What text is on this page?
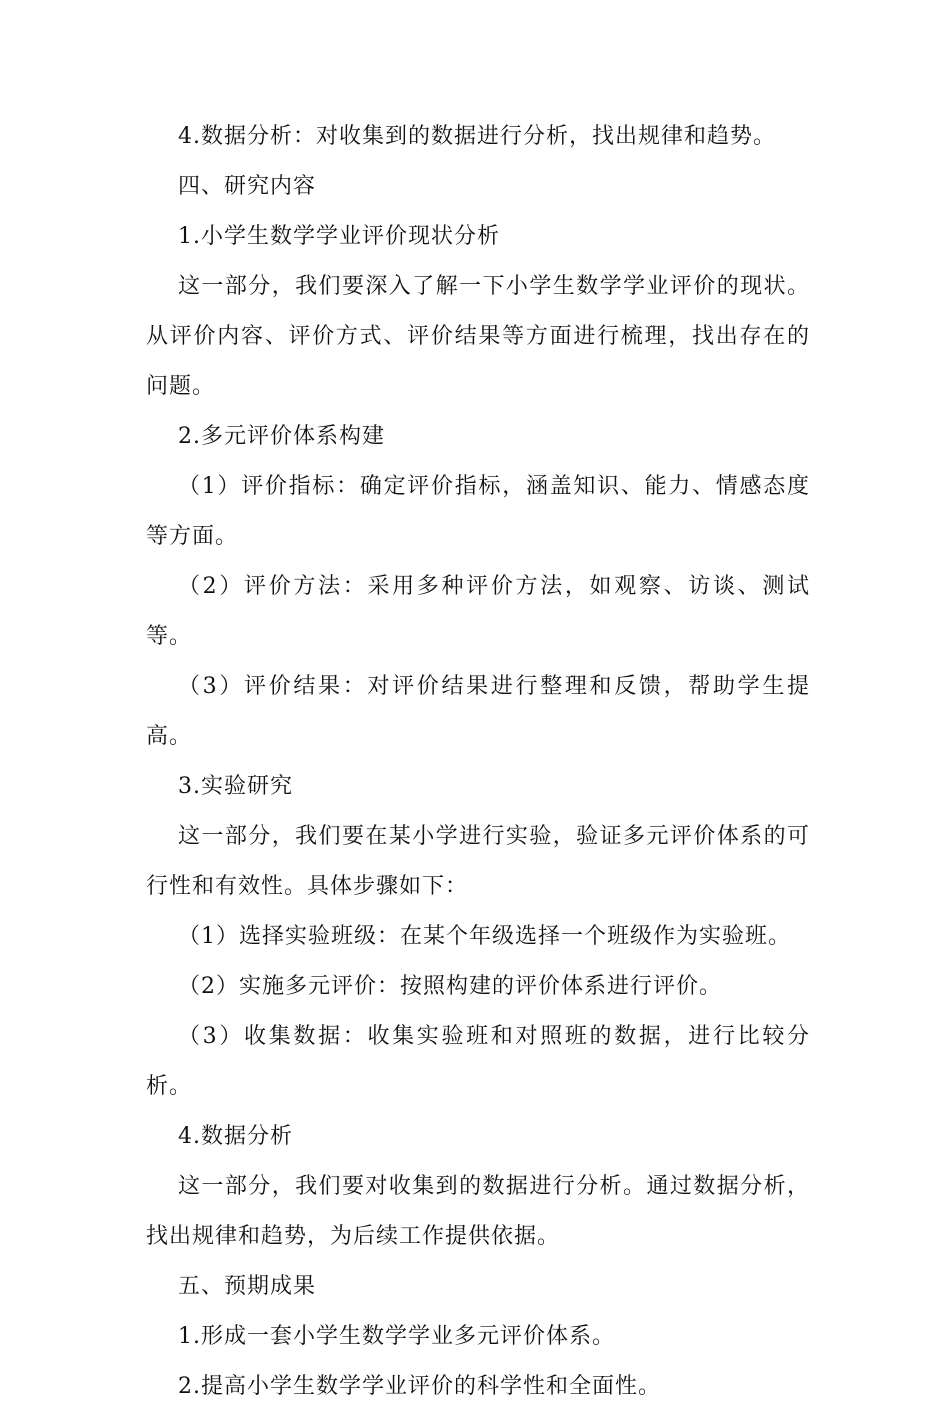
4.数据分析：对收集到的数据进行分析，找出规律和趋势。

四、研究内容

1.小学生数学学业评价现状分析

这一部分，我们要深入了解一下小学生数学学业评价的现状。从评价内容、评价方式、评价结果等方面进行梳理，找出存在的问题。

2.多元评价体系构建

（1）评价指标：确定评价指标，涵盖知识、能力、情感态度等方面。

（2）评价方法：采用多种评价方法，如观察、访谈、测试等。

（3）评价结果：对评价结果进行整理和反馈，帮助学生提高。

3.实验研究

这一部分，我们要在某小学进行实验，验证多元评价体系的可行性和有效性。具体步骤如下：

（1）选择实验班级：在某个年级选择一个班级作为实验班。

（2）实施多元评价：按照构建的评价体系进行评价。

（3）收集数据：收集实验班和对照班的数据，进行比较分析。

4.数据分析

这一部分，我们要对收集到的数据进行分析。通过数据分析，找出规律和趋势，为后续工作提供依据。

五、预期成果

1.形成一套小学生数学学业多元评价体系。

2.提高小学生数学学业评价的科学性和全面性。
